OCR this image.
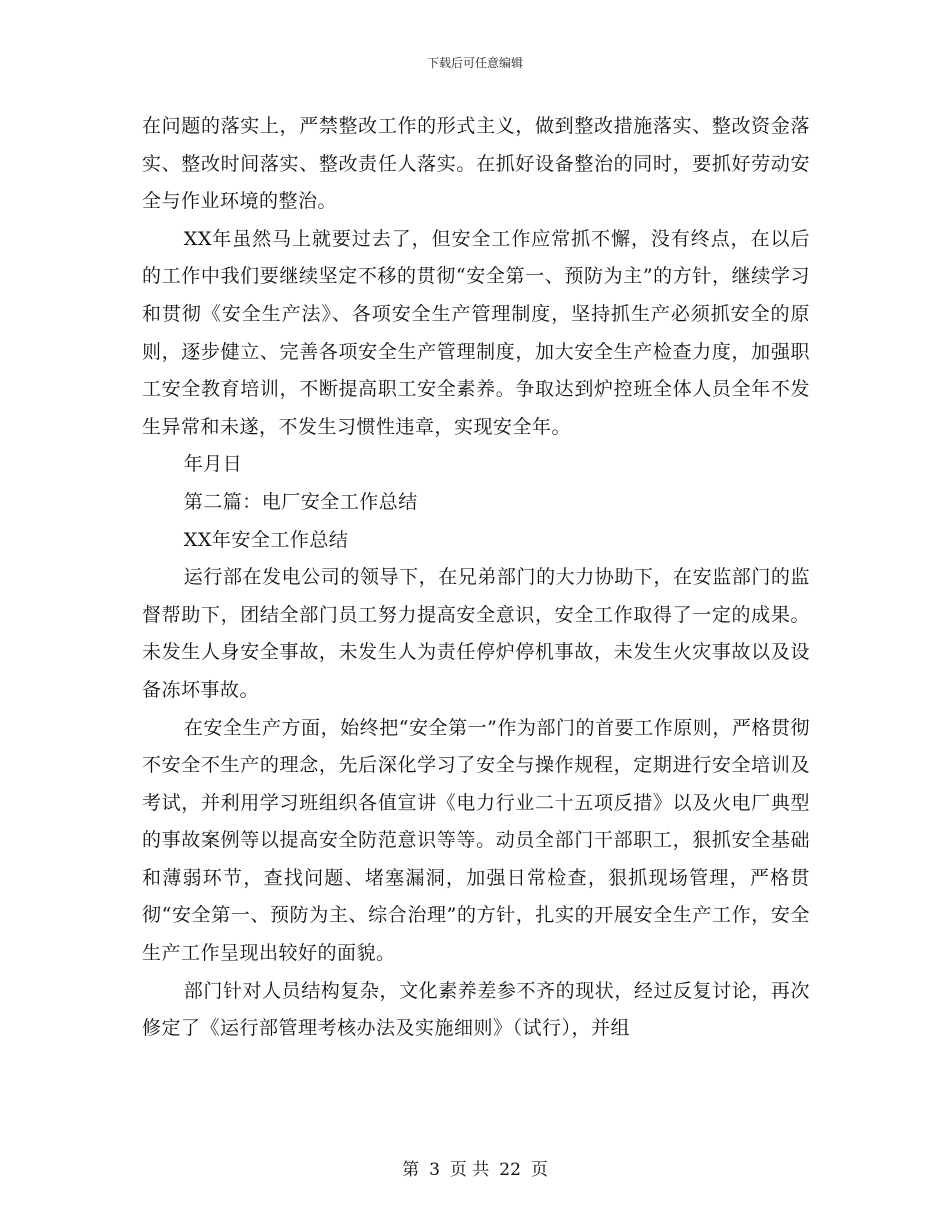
下载后可任意编辑

在问题的落实上，严禁整改工作的形式主义，做到整改措施落实、整改资金落实、整改时间落实、整改责任人落实。在抓好设备整治的同时，要抓好劳动安全与作业环境的整治。

XX年虽然马上就要过去了，但安全工作应常抓不懈，没有终点，在以后的工作中我们要继续坚定不移的贯彻“安全第一、预防为主”的方针，继续学习和贯彻《安全生产法》、各项安全生产管理制度，坚持抓生产必须抓安全的原则，逐步健立、完善各项安全生产管理制度，加大安全生产检查力度，加强职工安全教育培训，不断提高职工安全素养。争取达到炉控班全体人员全年不发生异常和未遂，不发生习惯性违章，实现安全年。

年月日

第二篇：电厂安全工作总结

XX年安全工作总结

运行部在发电公司的领导下，在兄弟部门的大力协助下，在安监部门的监督帮助下，团结全部门员工努力提高安全意识，安全工作取得了一定的成果。未发生人身安全事故，未发生人为责任停炉停机事故，未发生火灾事故以及设备冻坏事故。

在安全生产方面，始终把“安全第一”作为部门的首要工作原则，严格贯彻不安全不生产的理念，先后深化学习了安全与操作规程，定期进行安全培训及考试，并利用学习班组织各值宣讲《电力行业二十五项反措》以及火电厂典型的事故案例等以提高安全防范意识等等。动员全部门干部职工，狠抓安全基础和薄弱环节，查找问题、堵塞漏洞，加强日常检查，狠抓现场管理，严格贯彻“安全第一、预防为主、综合治理”的方针，扎实的开展安全生产工作，安全生产工作呈现出较好的面貌。

部门针对人员结构复杂，文化素养差参不齐的现状，经过反复讨论，再次修定了《运行部管理考核办法及实施细则》（试行），并组

第 3 页 共 22 页
